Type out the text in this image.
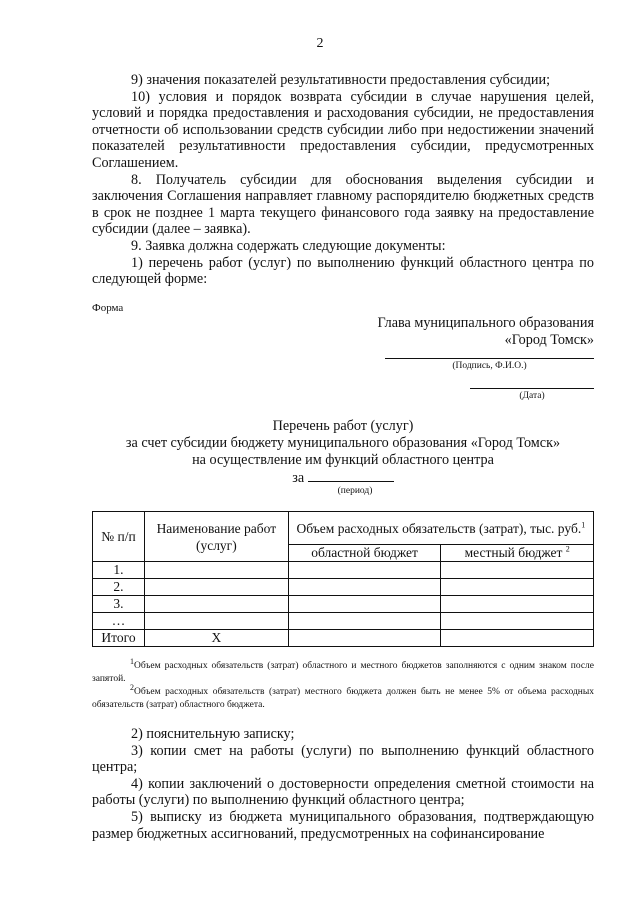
2

9) значения показателей результативности предоставления субсидии;

10) условия и порядок возврата субсидии в случае нарушения целей, условий и порядка предоставления и расходования субсидии, не предоставления отчетности об использовании средств субсидии либо при недостижении значений показателей результативности предоставления субсидии, предусмотренных Соглашением.

8. Получатель субсидии для обоснования выделения субсидии и заключения Соглашения направляет главному распорядителю бюджетных средств в срок не позднее 1 марта текущего финансового года заявку на предоставление субсидии (далее – заявка).

9. Заявка должна содержать следующие документы:

1) перечень работ (услуг) по выполнению функций областного центра по следующей форме:

Форма
Глава муниципального образования
«Город Томск»
(Подпись, Ф.И.О.)
(Дата)
Перечень работ (услуг)
за счет субсидии бюджету муниципального образования «Город Томск»
на осуществление им функций областного центра
за
(период)
№ п/п	Наименование работ (услуг)	Объем расходных обязательств (затрат), тыс. руб.$^1$
		областной бюджет	местный бюджет $^2$
1.			
2.			
3.			
…			
Итого	Х		

$^1$Объем расходных обязательств (затрат) областного и местного бюджетов заполняются с одним знаком после запятой.

$^2$Объем расходных обязательств (затрат) местного бюджета должен быть не менее 5% от объема расходных обязательств (затрат) областного бюджета.

2) пояснительную записку;

3) копии смет на работы (услуги) по выполнению функций областного центра;

4) копии заключений о достоверности определения сметной стоимости на работы (услуги) по выполнению функций областного центра;

5) выписку из бюджета муниципального образования, подтверждающую размер бюджетных ассигнований, предусмотренных на софинансирование
